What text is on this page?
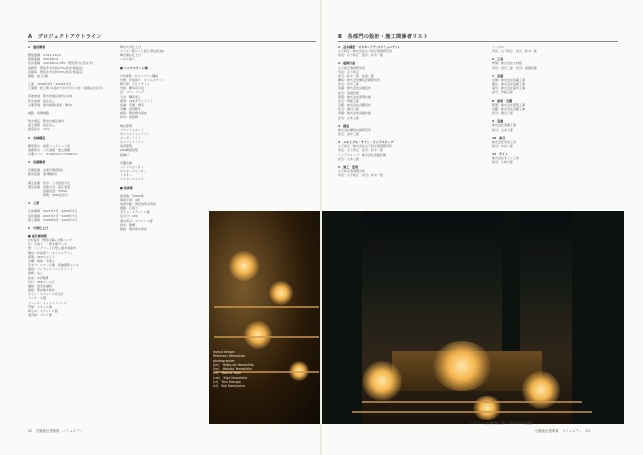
A　プロジェクトアウトライン
1　建設概要
敷地面積　5,021.11m2
建築面積　328.96m2
延床面積　328.96m2 (M3…既設部分は含まず)
建蔽率　既設を含め約17%(許容 無指定)
容積率　既設を含め約32%(許容 無指定)
階数　地上1階
工期　2008年8月〜2009年3月
工事費　総工費 11億8千万0千円 (小計：前期は含まず)
用途地域　都市計画区域外(山林)
防火地域　指定なし
主要用途　屋外劇場(客席・舞台)
道路　東側道路
防火規定　都市計画区域外
高さ制限　指定なし
最高高さ　11m
2　各棟構造
構造形式　鉄筋コンクリート造
基礎形式　べた基礎・独立基礎
主要スパン　3,000mm×3,000mm
3　設備概要
空調設備　全館空調(既設)
換気設備　第3種換気
衛生設備　給水：上水直結方式
電気設備　受電方式：高圧受電
　　　　　設備容量：75kVA
　　　　　照明：LED/蛍光灯
4　工期
全体期間　2007年7月〜2009年3月
設計期間　2007年7月〜2008年7月
施工期間　2008年8月〜2009年3月
5　外部仕上げ
■ 屋外劇場部
(外)客席　既設石積+木製ベンチ
床：石張り　一部木製デッキ
壁：コンクリート打放し撥水剤塗布
舞台：杉板張り　オイルステイン
照明：LEDスポット
外構：植栽・芝張り
手すり：スチール製　溶融亜鉛メッキ
階段：プレキャストコンクリート
屋根：なし
排水：U字側溝
外灯：LEDポール灯
舗装：透水性舗装
植栽：既存樹木保存
サイン：ステンレス切文字
ベンチ：木製
フェンス：メッシュフェンス
門扉：スチール製
車止め：ステンレス製
案内板：アルミ製
舞台天井仕上げ
ナイロン製シート張り(防炎仕様)
舞台裏の仕上げ
パネル張り
■ バックステージ棟
(外)屋根：ガルバリウム鋼板
外壁：杉板張り　オイルステイン
開口部：アルミサッシ
内装：構造用合板
床：フローリング
天井：構造表し
照明：LEDダウンライト
設備：空調・換気
外構：砂利敷き
植栽：既存樹木保存
排水：浸透桝
舞台照明
フロントスポット
サスペンションライト
ボーダーライト
ホリゾントライト
客席照明
LED間接照明
誘導灯
音響設備
メインスピーカー
モニタースピーカー
ミキサー
ワイヤレスマイク
■ 客席部
座席数：約800席
車椅子席：4席
客席勾配：既設地形を利用
通路：石張り
手すり：ステンレス製
足元灯：LED
案内表示：ステンレス製
排水：側溝
植栽：既存樹木保存
B　各部門の設計・施工関係者リスト
1　基本構想・マスタープラン(コミュニティ)
山下和正／株式会社山下和正建築研究所
所長：山下和正　設計：鈴木一郎
2　建築計画
山下和正建築研究所
所長：山下和正
担当：鈴木一郎　佐藤二郎
構造：株式会社構造計画研究所
担当：田中三郎
設備：株式会社設備設計
担当：高橋四郎
照明：株式会社照明計画
担当：伊藤五郎
音響：株式会社音響設計
担当：渡辺六郎
造園：株式会社造園計画
担当：山本七郎
3　構造
株式会社構造計画研究所
担当：田中三郎
4　メモリアル・サイン・ランドスケープ
山下和正／株式会社山下和正建築研究所
所長：山下和正　担当：鈴木一郎
ランドスケープ：株式会社造園計画
担当：山本七郎
5　施工・監理
山下和正建築研究所
所長：山下和正　担当：鈴木一郎
トータル
所長／山下和正　担当／鈴木一郎
6　工事
建築：株式会社大林組
所長：田中三郎　担当：高橋四郎
7　設備
空調：株式会社設備工事
衛生：株式会社設備工事
電気：株式会社電気工事
担当：伊藤五郎
8　照明・音響
照明：株式会社照明工事
音響：株式会社音響工事
担当：渡辺六郎
9　造園
株式会社造園工事
担当：山本七郎
10　家具
株式会社家具工房
担当：中村八郎
11　サイン
株式会社サイン工房
担当：小林九郎
layout design
Hidekazu Yamashita
photographer
(lm)　Hideyuki Yamashita
(lm)　Makoto Yamashita
(cl)　Takumi Yabe
(cm)　Kiyo Kawahara
(cl)　Toru Kasuga
(cl)　Koji Kamiyama
*フルウル公共棟 (竣工時)　2010年10月撮影
42　近畿地区建築賞　コミュニティ	近畿地区建築賞　コミュニティ　43
